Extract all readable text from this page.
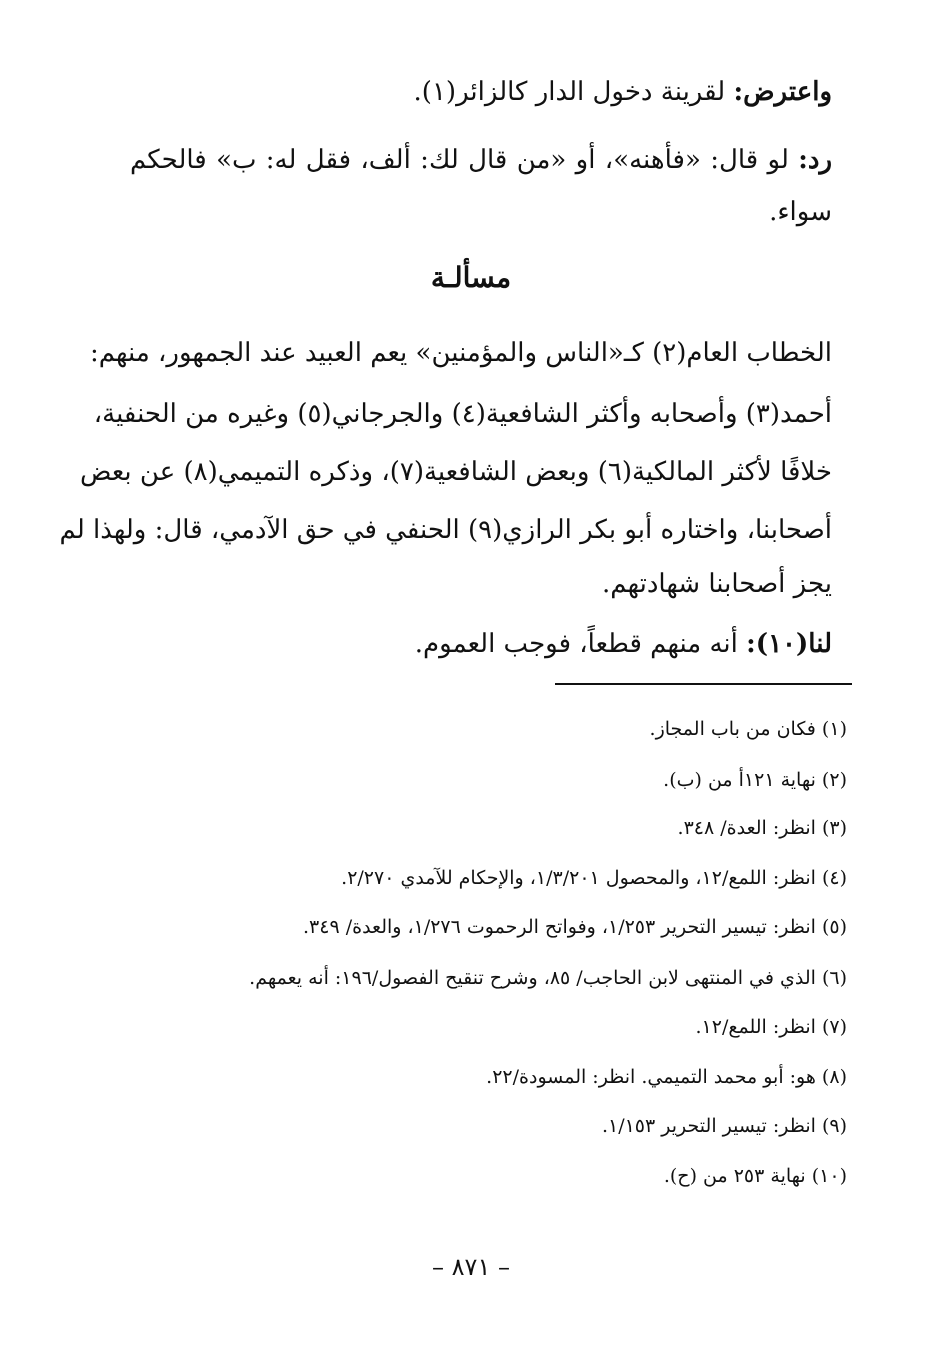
واعترض: لقرينة دخول الدار كالزائر(١).
رد: لو قال: «فأهنه»، أو «من قال لك: ألف، فقل له: ب» فالحكم
سواء.
مسألـة
الخطاب العام(٢) كـ«الناس والمؤمنين» يعم العبيد عند الجمهور، منهم:
أحمد(٣) وأصحابه وأكثر الشافعية(٤) والجرجاني(٥) وغيره من الحنفية،
خلافًا لأكثر المالكية(٦) وبعض الشافعية(٧)، وذكره التميمي(٨) عن بعض
أصحابنا، واختاره أبو بكر الرازي(٩) الحنفي في حق الآدمي، قال: ولهذا لم
يجز أصحابنا شهادتهم.
لنا(١٠): أنه منهم قطعاً، فوجب العموم.
(١) فكان من باب المجاز.
(٢) نهاية ١٢١أ من (ب).
(٣) انظر: العدة/ ٣٤٨.
(٤) انظر: اللمع/١٢، والمحصول ١/٣/٢٠١، والإحكام للآمدي ٢/٢٧٠.
(٥) انظر: تيسير التحرير ١/٢٥٣، وفواتح الرحموت ١/٢٧٦، والعدة/ ٣٤٩.
(٦) الذي في المنتهى لابن الحاجب/ ٨٥، وشرح تنقيح الفصول/١٩٦: أنه يعمهم.
(٧) انظر: اللمع/١٢.
(٨) هو: أبو محمد التميمي. انظر: المسودة/٢٢.
(٩) انظر: تيسير التحرير ١/١٥٣.
(١٠) نهاية ٢٥٣ من (ح).
– ٨٧١ –
